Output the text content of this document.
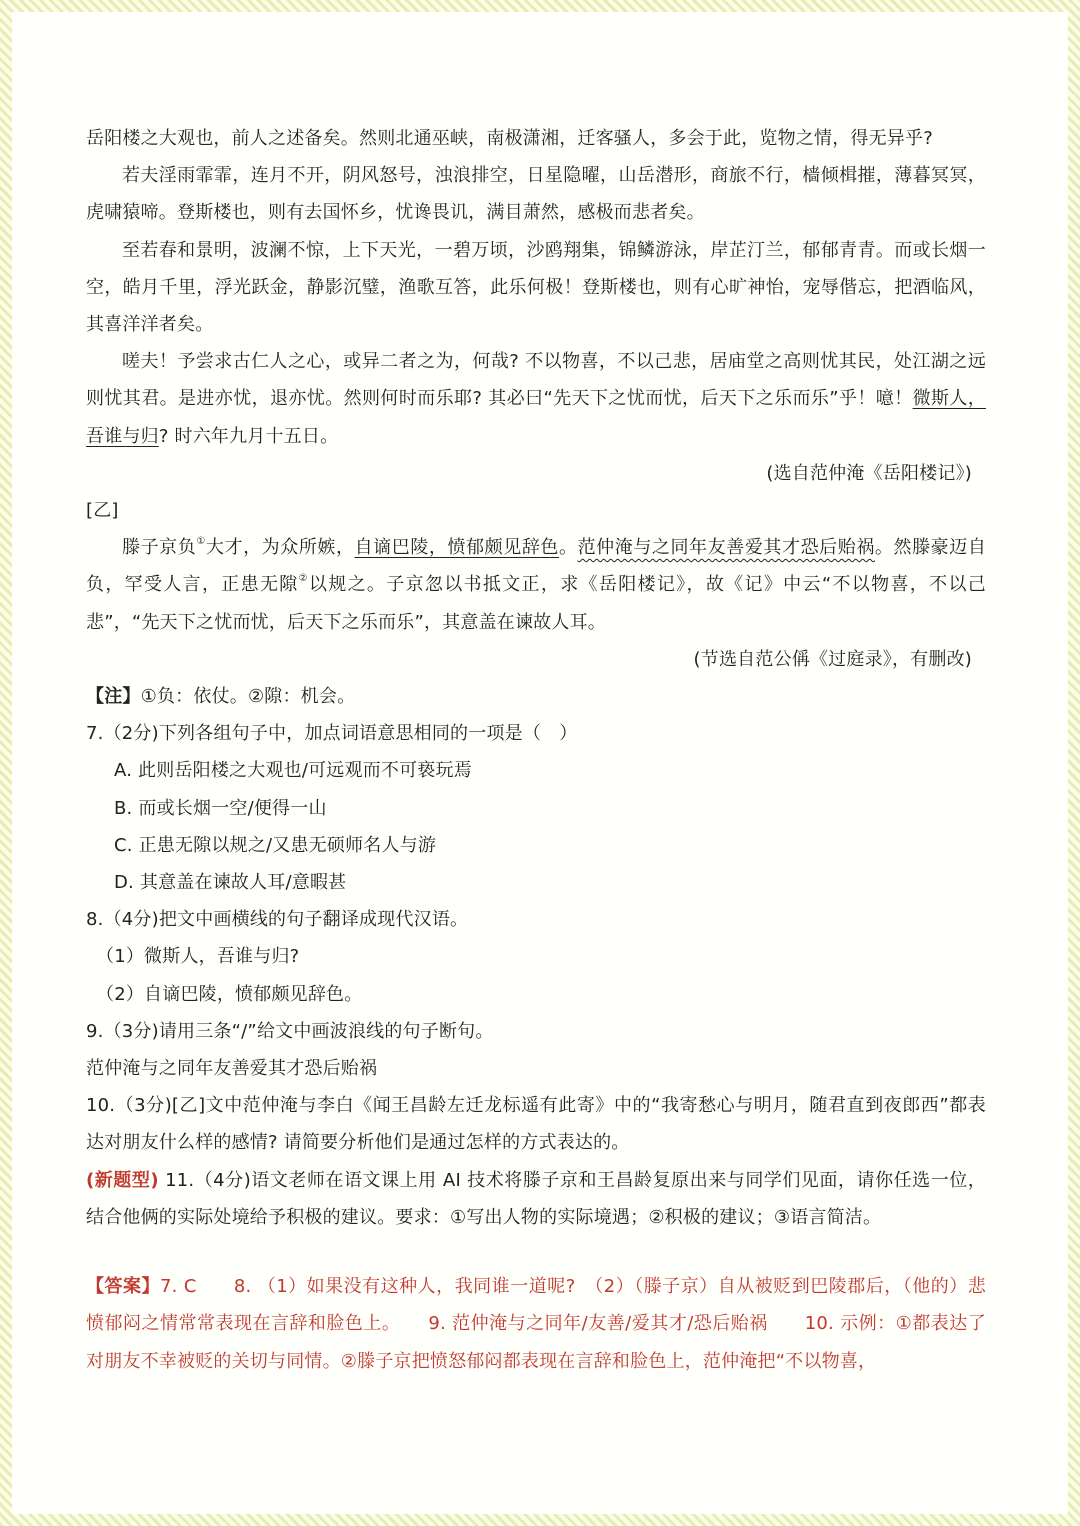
岳阳楼之大观也，前人之述备矣。然则北通巫峡，南极潇湘，迁客骚人，多会于此，览物之情，得无异乎?

若夫淫雨霏霏，连月不开，阴风怒号，浊浪排空，日星隐曜，山岳潜形，商旅不行，樯倾楫摧，薄暮冥冥，虎啸猿啼。登斯楼也，则有去国怀乡，忧谗畏讥，满目萧然，感极而悲者矣。

至若春和景明，波澜不惊，上下天光，一碧万顷，沙鸥翔集，锦鳞游泳，岸芷汀兰，郁郁青青。而或长烟一空，皓月千里，浮光跃金，静影沉璧，渔歌互答，此乐何极！登斯楼也，则有心旷神怡，宠辱偕忘，把酒临风，其喜洋洋者矣。

嗟夫！予尝求古仁人之心，或异二者之为，何哉? 不以物喜，不以己悲，居庙堂之高则忧其民，处江湖之远则忧其君。是进亦忧，退亦忧。然则何时而乐耶? 其必曰“先天下之忧而忧，后天下之乐而乐”乎！噫！微斯人，吾谁与归? 时六年九月十五日。

(选自范仲淹《岳阳楼记》)

[乙]

滕子京负①大才，为众所嫉，自谪巴陵，愤郁颇见辞色。范仲淹与之同年友善爱其才恐后贻祸。然滕豪迈自负，罕受人言，正患无隙②以规之。子京忽以书抵文正，求《岳阳楼记》，故《记》中云“不以物喜，不以己悲”，“先天下之忧而忧，后天下之乐而乐”，其意盖在谏故人耳。

(节选自范公偁《过庭录》，有删改)

【注】①负：依仗。②隙：机会。

7.（2分)下列各组句子中，加点词语意思相同的一项是（　）

A. 此则岳阳楼之大观也/可远观而不可亵玩焉

B. 而或长烟一空/便得一山

C. 正患无隙以规之/又患无硕师名人与游

D. 其意盖在谏故人耳/意暇甚

8.（4分)把文中画横线的句子翻译成现代汉语。

（1）微斯人，吾谁与归?

（2）自谪巴陵，愤郁颇见辞色。

9.（3分)请用三条“/”给文中画波浪线的句子断句。

范仲淹与之同年友善爱其才恐后贻祸

10.（3分)[乙]文中范仲淹与李白《闻王昌龄左迁龙标遥有此寄》中的“我寄愁心与明月，随君直到夜郎西”都表达对朋友什么样的感情? 请简要分析他们是通过怎样的方式表达的。

(新题型) 11.（4分)语文老师在语文课上用 AI 技术将滕子京和王昌龄复原出来与同学们见面，请你任选一位，结合他俩的实际处境给予积极的建议。要求：①写出人物的实际境遇；②积极的建议；③语言简洁。

【答案】7. C　　8. （1）如果没有这种人，我同谁一道呢?　（2）（滕子京）自从被贬到巴陵郡后，（他的）悲愤郁闷之情常常表现在言辞和脸色上。　　9. 范仲淹与之同年/友善/爱其才/恐后贻祸　　10. 示例：①都表达了对朋友不幸被贬的关切与同情。②滕子京把愤怒郁闷都表现在言辞和脸色上，范仲淹把“不以物喜，
